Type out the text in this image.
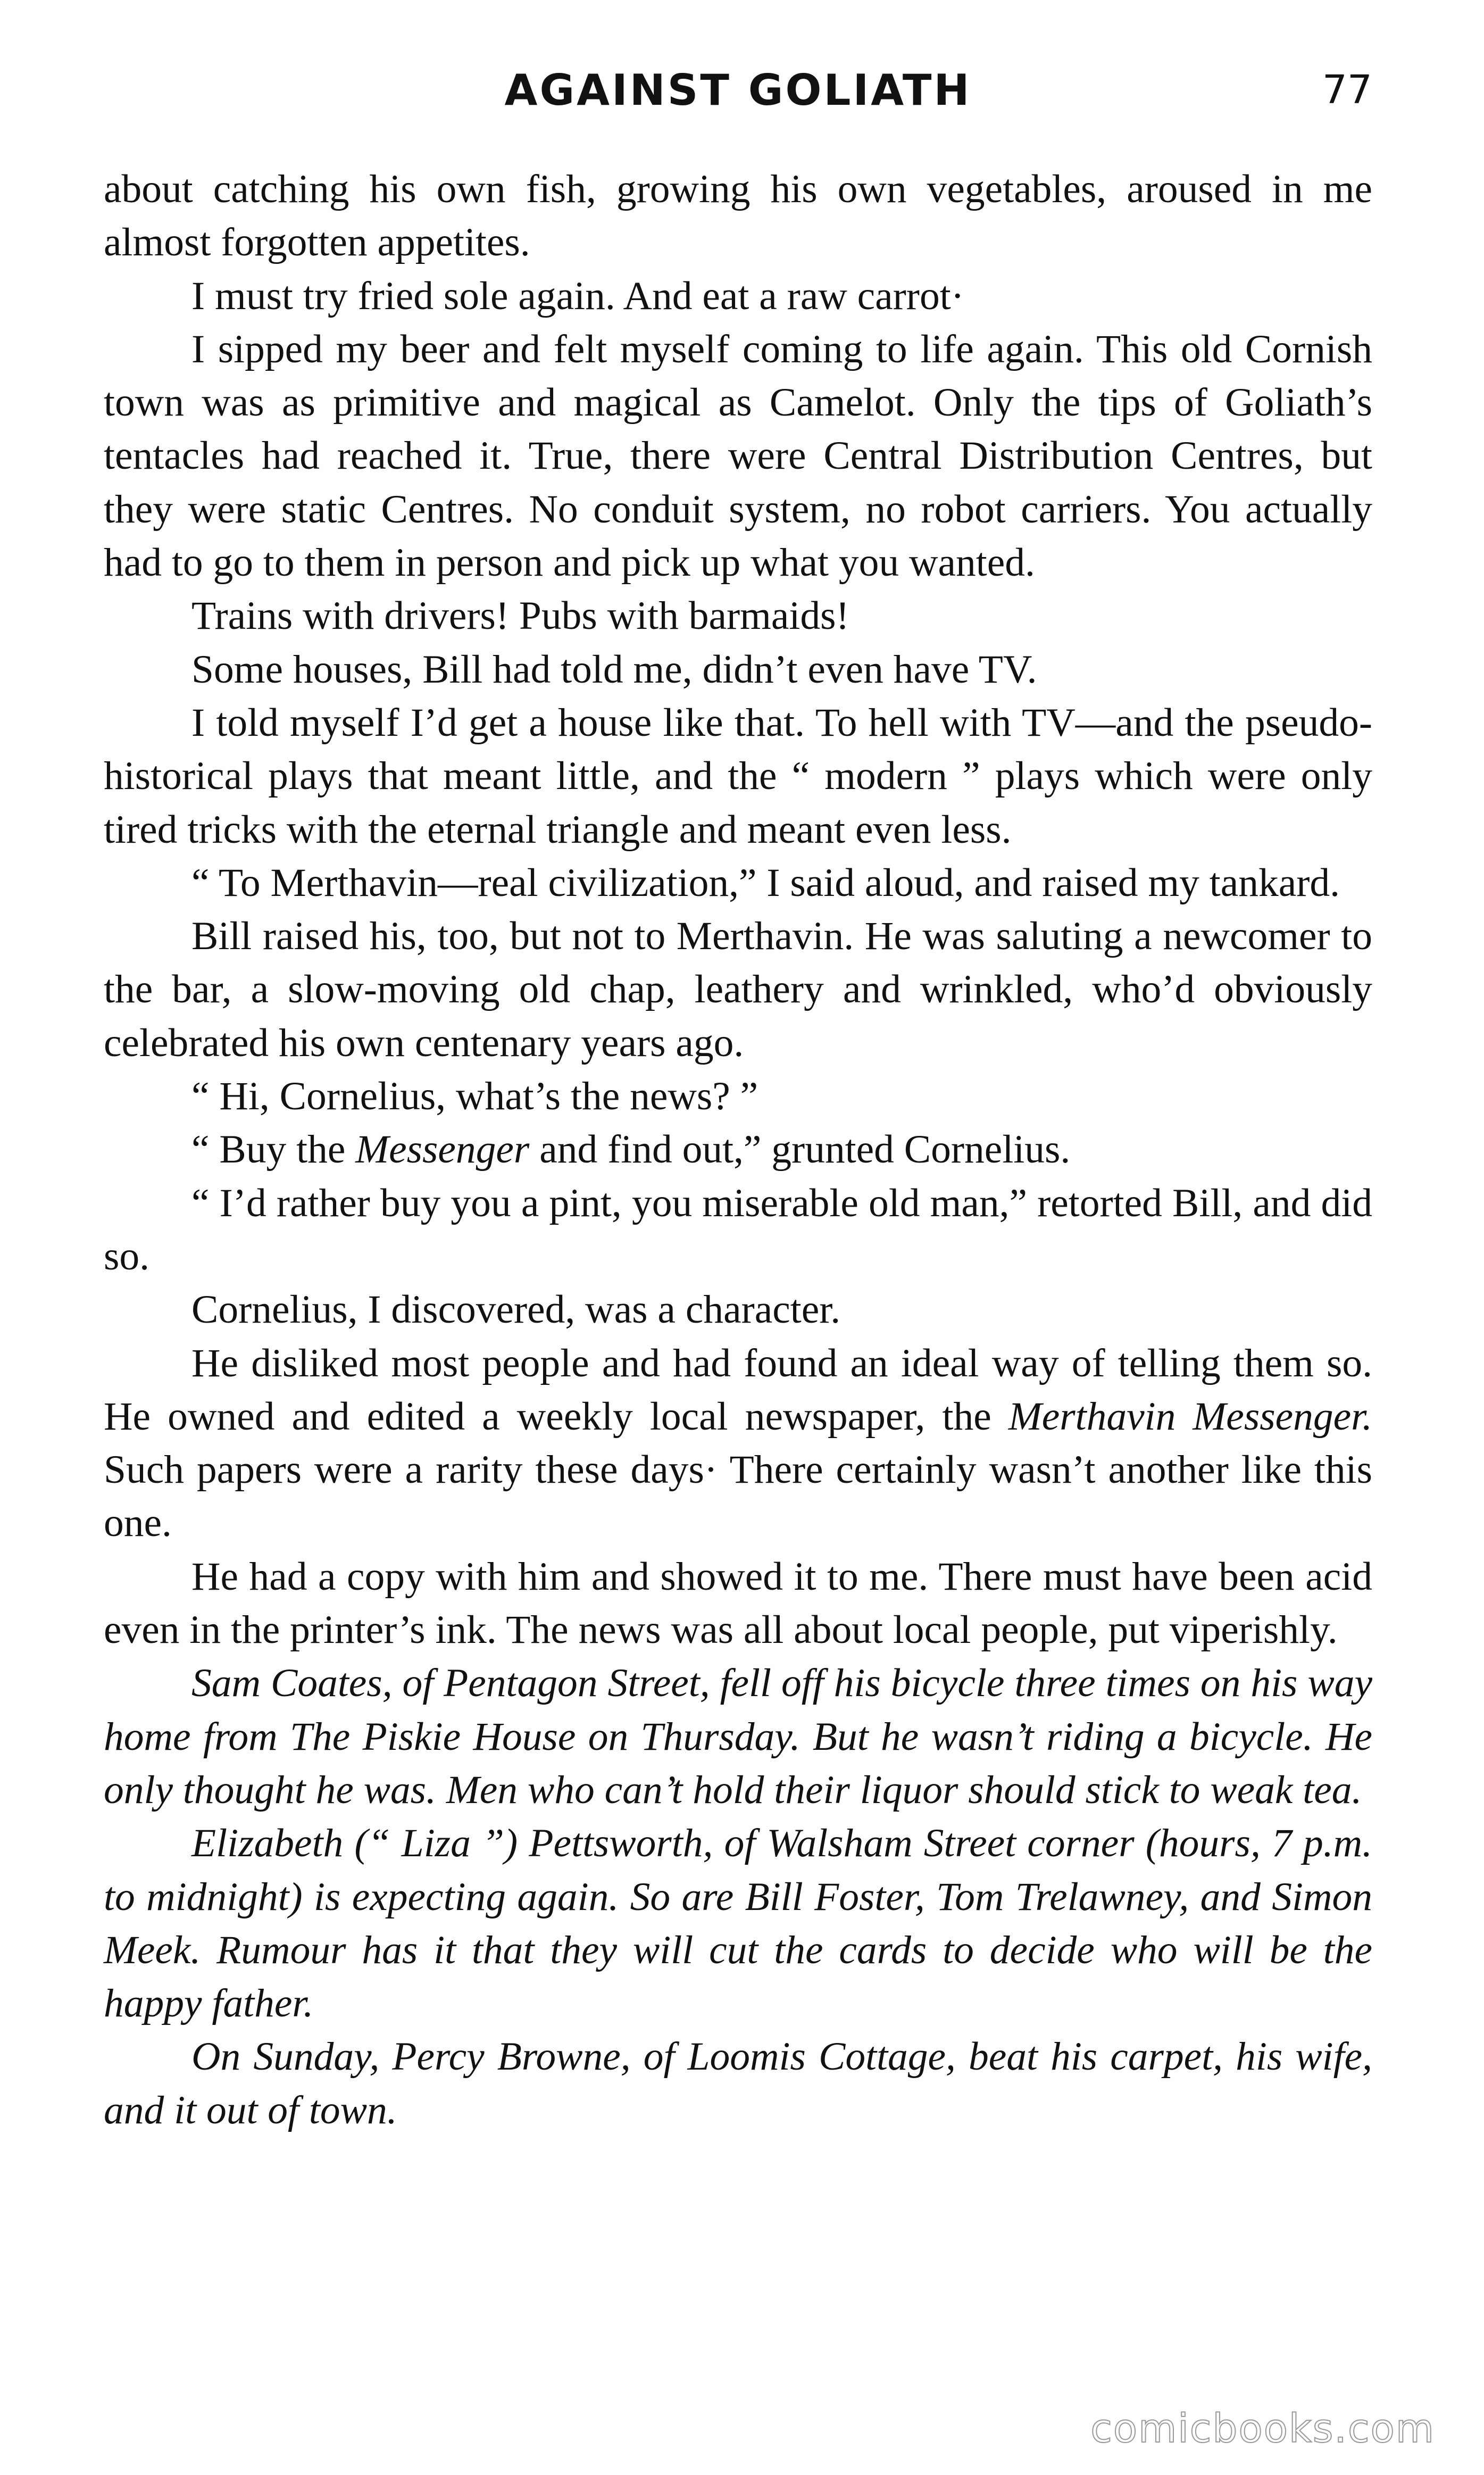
AGAINST GOLIATH	77

about catching his own fish, growing his own vegetables, aroused in me almost forgotten appetites.

I must try fried sole again. And eat a raw carrot·

I sipped my beer and felt myself coming to life again. This old Cornish town was as primitive and magical as Camelot. Only the tips of Goliath’s tentacles had reached it. True, there were Central Distribution Centres, but they were static Centres. No conduit system, no robot carriers. You actually had to go to them in person and pick up what you wanted.

Trains with drivers! Pubs with barmaids!

Some houses, Bill had told me, didn’t even have TV.

I told myself I’d get a house like that. To hell with TV—and the pseudo-historical plays that meant little, and the “ modern ” plays which were only tired tricks with the eternal triangle and meant even less.

“ To Merthavin—real civilization,” I said aloud, and raised my tankard.

Bill raised his, too, but not to Merthavin. He was saluting a newcomer to the bar, a slow-moving old chap, leathery and wrinkled, who’d obviously celebrated his own centenary years ago.

“ Hi, Cornelius, what’s the news? ”

“ Buy the Messenger and find out,” grunted Cornelius.

“ I’d rather buy you a pint, you miserable old man,” retorted Bill, and did so.

Cornelius, I discovered, was a character.

He disliked most people and had found an ideal way of telling them so. He owned and edited a weekly local newspaper, the Merthavin Messenger. Such papers were a rarity these days· There certainly wasn’t another like this one.

He had a copy with him and showed it to me. There must have been acid even in the printer’s ink. The news was all about local people, put viperishly.

Sam Coates, of Pentagon Street, fell off his bicycle three times on his way home from The Piskie House on Thursday. But he wasn’t riding a bicycle. He only thought he was. Men who can’t hold their liquor should stick to weak tea.

Elizabeth (“ Liza ”) Pettsworth, of Walsham Street corner (hours, 7 p.m. to midnight) is expecting again. So are Bill Foster, Tom Trelawney, and Simon Meek. Rumour has it that they will cut the cards to decide who will be the happy father.

On Sunday, Percy Browne, of Loomis Cottage, beat his carpet, his wife, and it out of town.

comicbooks.com
